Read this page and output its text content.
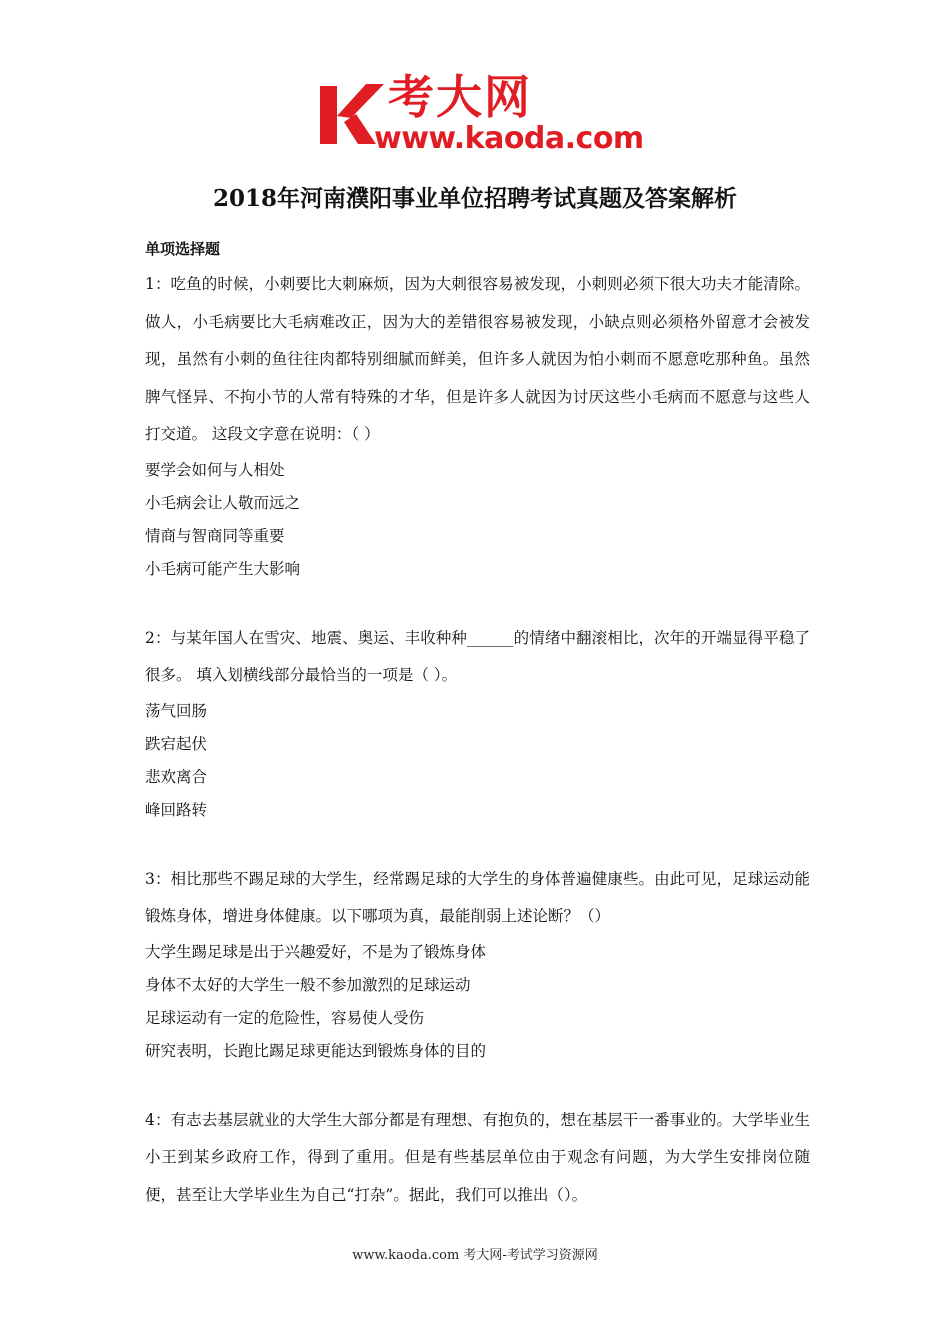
考大网
www.kaoda.com
2018年河南濮阳事业单位招聘考试真题及答案解析
单项选择题
1：吃鱼的时候，小刺要比大刺麻烦，因为大刺很容易被发现，小刺则必须下很大功夫才能清除。做人，小毛病要比大毛病难改正，因为大的差错很容易被发现，小缺点则必须格外留意才会被发现，虽然有小刺的鱼往往肉都特别细腻而鲜美，但许多人就因为怕小刺而不愿意吃那种鱼。虽然脾气怪异、不拘小节的人常有特殊的才华，但是许多人就因为讨厌这些小毛病而不愿意与这些人打交道。 这段文字意在说明：（ ）
要学会如何与人相处
小毛病会让人敬而远之
情商与智商同等重要
小毛病可能产生大影响
2：与某年国人在雪灾、地震、奥运、丰收种种______的情绪中翻滚相比，次年的开端显得平稳了很多。 填入划横线部分最恰当的一项是（ ）。
荡气回肠
跌宕起伏
悲欢离合
峰回路转
3：相比那些不踢足球的大学生，经常踢足球的大学生的身体普遍健康些。由此可见，足球运动能锻炼身体，增进身体健康。以下哪项为真，最能削弱上述论断？（）
大学生踢足球是出于兴趣爱好，不是为了锻炼身体
身体不太好的大学生一般不参加激烈的足球运动
足球运动有一定的危险性，容易使人受伤
研究表明，长跑比踢足球更能达到锻炼身体的目的
4：有志去基层就业的大学生大部分都是有理想、有抱负的，想在基层干一番事业的。大学毕业生小王到某乡政府工作，得到了重用。但是有些基层单位由于观念有问题，为大学生安排岗位随便，甚至让大学毕业生为自己“打杂”。据此，我们可以推出（）。
www.kaoda.com 考大网-考试学习资源网
